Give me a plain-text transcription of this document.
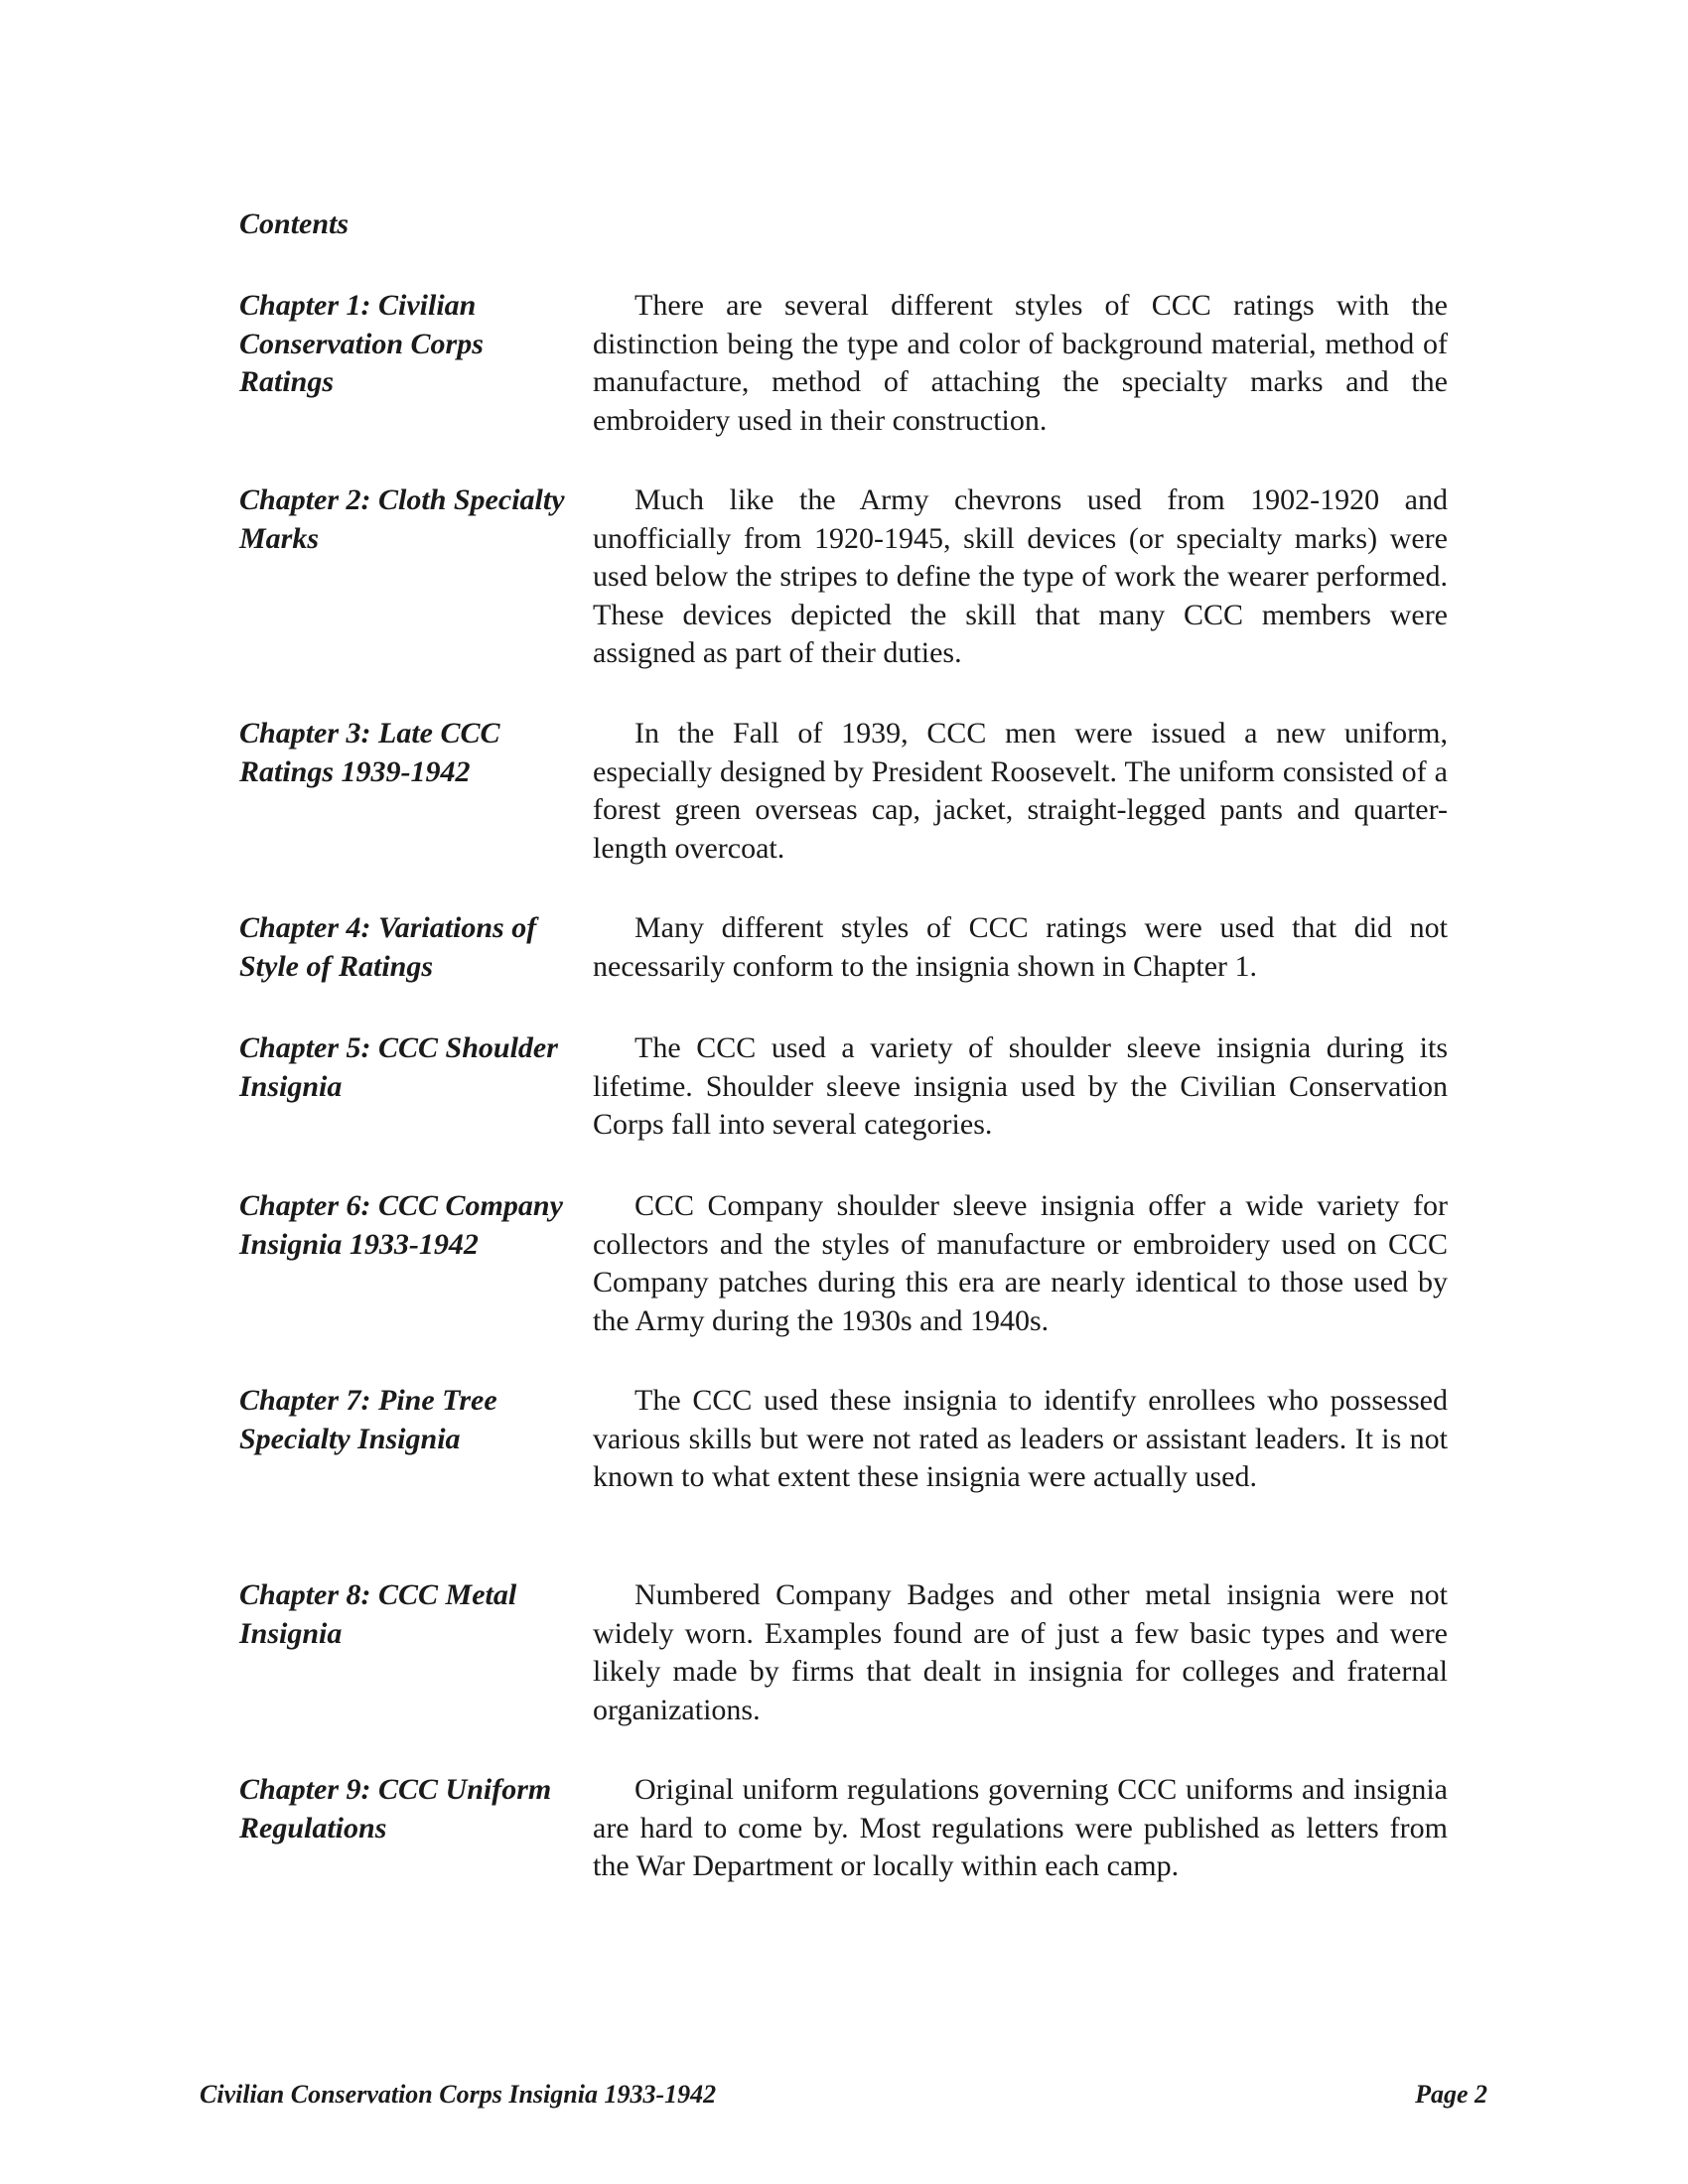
Contents
Chapter 1: Civilian Conservation Corps Ratings

There are several different styles of CCC ratings with the distinction being the type and color of background material, method of manufacture, method of attaching the specialty marks and the embroidery used in their construction.

Chapter 2: Cloth Specialty Marks

Much like the Army chevrons used from 1902-1920 and unofficially from 1920-1945, skill devices (or specialty marks) were used below the stripes to define the type of work the wearer performed. These devices depicted the skill that many CCC members were assigned as part of their duties.

Chapter 3: Late CCC Ratings 1939-1942

In the Fall of 1939, CCC men were issued a new uniform, especially designed by President Roosevelt. The uniform consisted of a forest green overseas cap, jacket, straight-legged pants and quarter-length overcoat.

Chapter 4: Variations of Style of Ratings

Many different styles of CCC ratings were used that did not necessarily conform to the insignia shown in Chapter 1.

Chapter 5: CCC Shoulder Insignia

The CCC used a variety of shoulder sleeve insignia during its lifetime. Shoulder sleeve insignia used by the Civilian Conservation Corps fall into several categories.

Chapter 6: CCC Company Insignia 1933-1942

CCC Company shoulder sleeve insignia offer a wide variety for collectors and the styles of manufacture or embroidery used on CCC Company patches during this era are nearly identical to those used by the Army during the 1930s and 1940s.

Chapter 7: Pine Tree Specialty Insignia

The CCC used these insignia to identify enrollees who possessed various skills but were not rated as leaders or assistant leaders. It is not known to what extent these insignia were actually used.

Chapter 8: CCC Metal Insignia

Numbered Company Badges and other metal insignia were not widely worn. Examples found are of just a few basic types and were likely made by firms that dealt in insignia for colleges and fraternal organizations.

Chapter 9: CCC Uniform Regulations

Original uniform regulations governing CCC uniforms and insignia are hard to come by. Most regulations were published as letters from the War Department or locally within each camp.

Civilian Conservation Corps Insignia 1933-1942	Page 2
